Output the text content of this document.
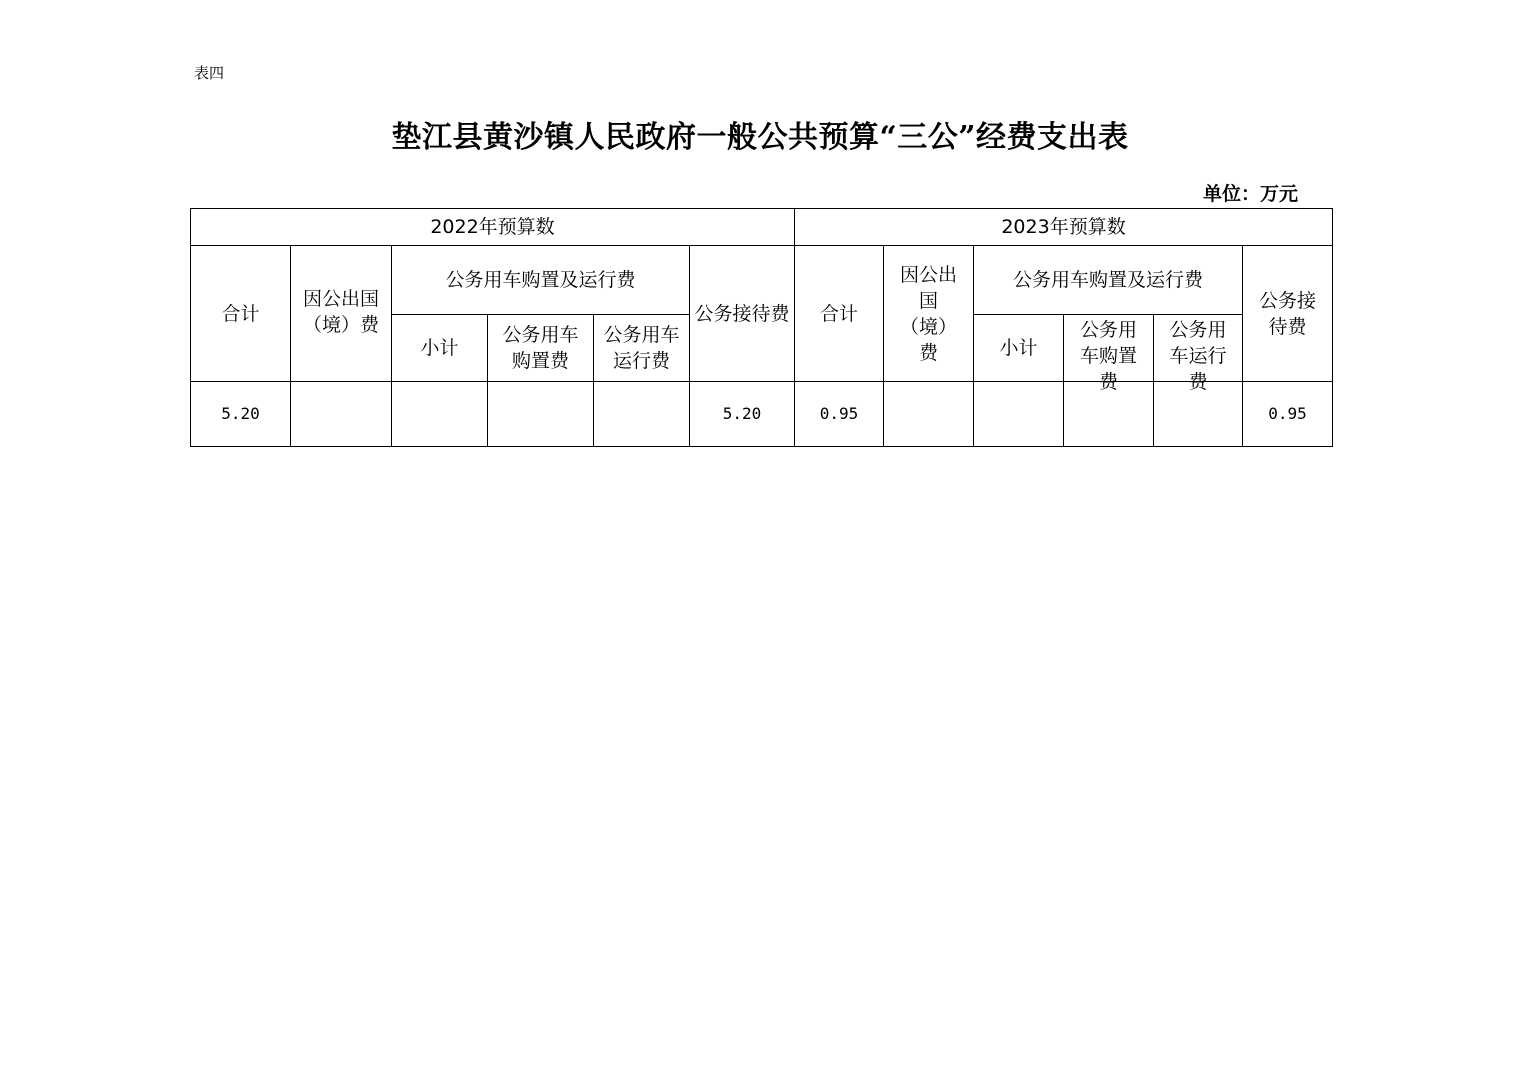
表四
垫江县黄沙镇人民政府一般公共预算“三公”经费支出表
单位：万元
2022年预算数						2023年预算数					
合计	因公出国（境）费	公务用车购置及运行费			公务接待费	合计	因公出国（境）费	公务用车购置及运行费			公务接待费
		小计	公务用车购置费	公务用车运行费				小计	公务用车购置费	公务用车运行费	

5.20					5.20	0.95					0.95
